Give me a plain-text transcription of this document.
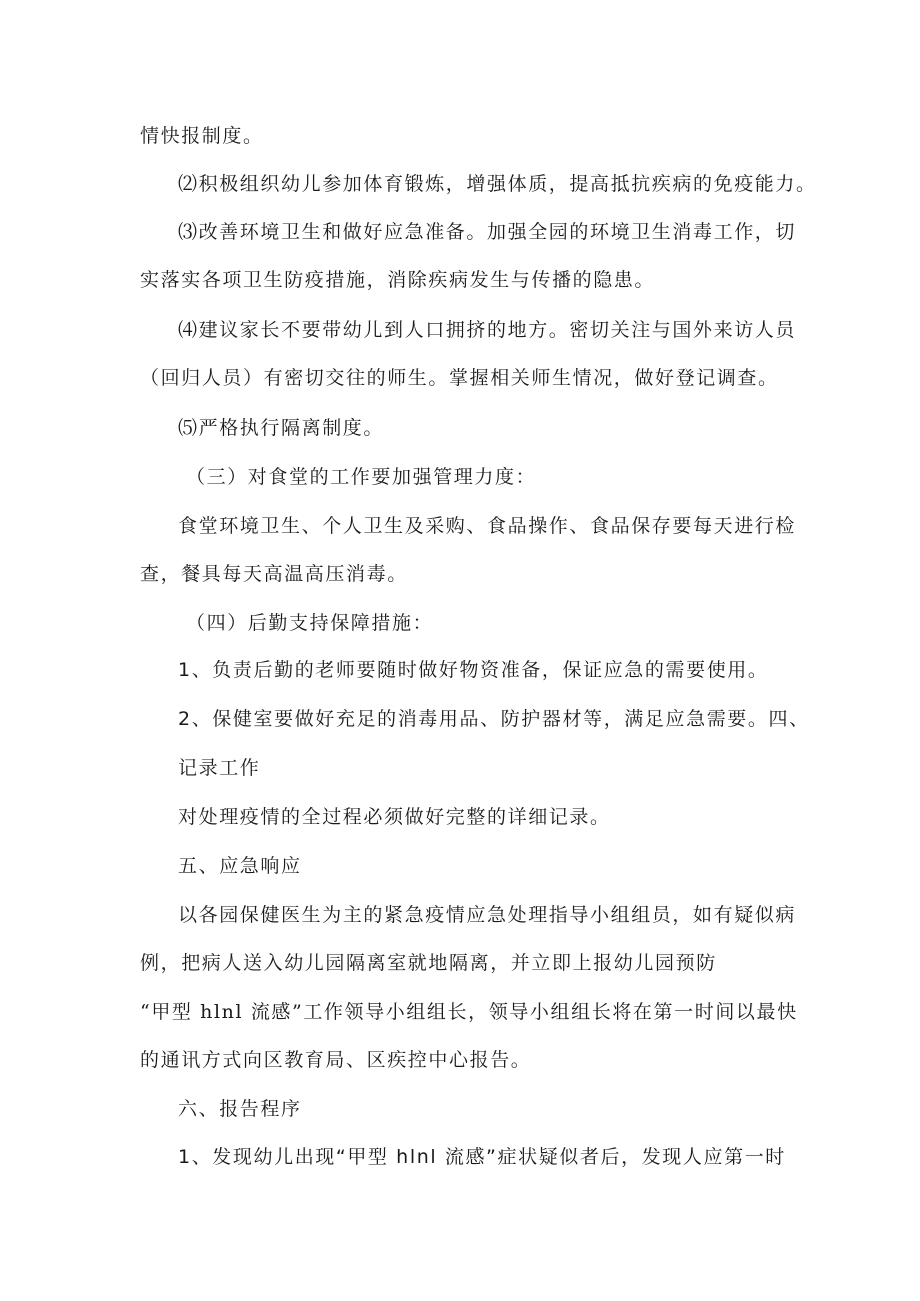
情快报制度。
⑵积极组织幼儿参加体育锻炼，增强体质，提高抵抗疾病的免疫能力。
⑶改善环境卫生和做好应急准备。加强全园的环境卫生消毒工作，切
实落实各项卫生防疫措施，消除疾病发生与传播的隐患。
⑷建议家长不要带幼儿到人口拥挤的地方。密切关注与国外来访人员
（回归人员）有密切交往的师生。掌握相关师生情况，做好登记调查。
⑸严格执行隔离制度。
（三）对食堂的工作要加强管理力度：
食堂环境卫生、个人卫生及采购、食品操作、食品保存要每天进行检
查，餐具每天高温高压消毒。
（四）后勤支持保障措施：
1、负责后勤的老师要随时做好物资准备，保证应急的需要使用。
2、保健室要做好充足的消毒用品、防护器材等，满足应急需要。四、
记录工作
对处理疫情的全过程必须做好完整的详细记录。
五、应急响应
以各园保健医生为主的紧急疫情应急处理指导小组组员，如有疑似病
例，把病人送入幼儿园隔离室就地隔离，并立即上报幼儿园预防
“甲型 hlnl 流感”工作领导小组组长，领导小组组长将在第一时间以最快
的通讯方式向区教育局、区疾控中心报告。
六、报告程序
1、发现幼儿出现“甲型 hlnl 流感”症状疑似者后，发现人应第一时
